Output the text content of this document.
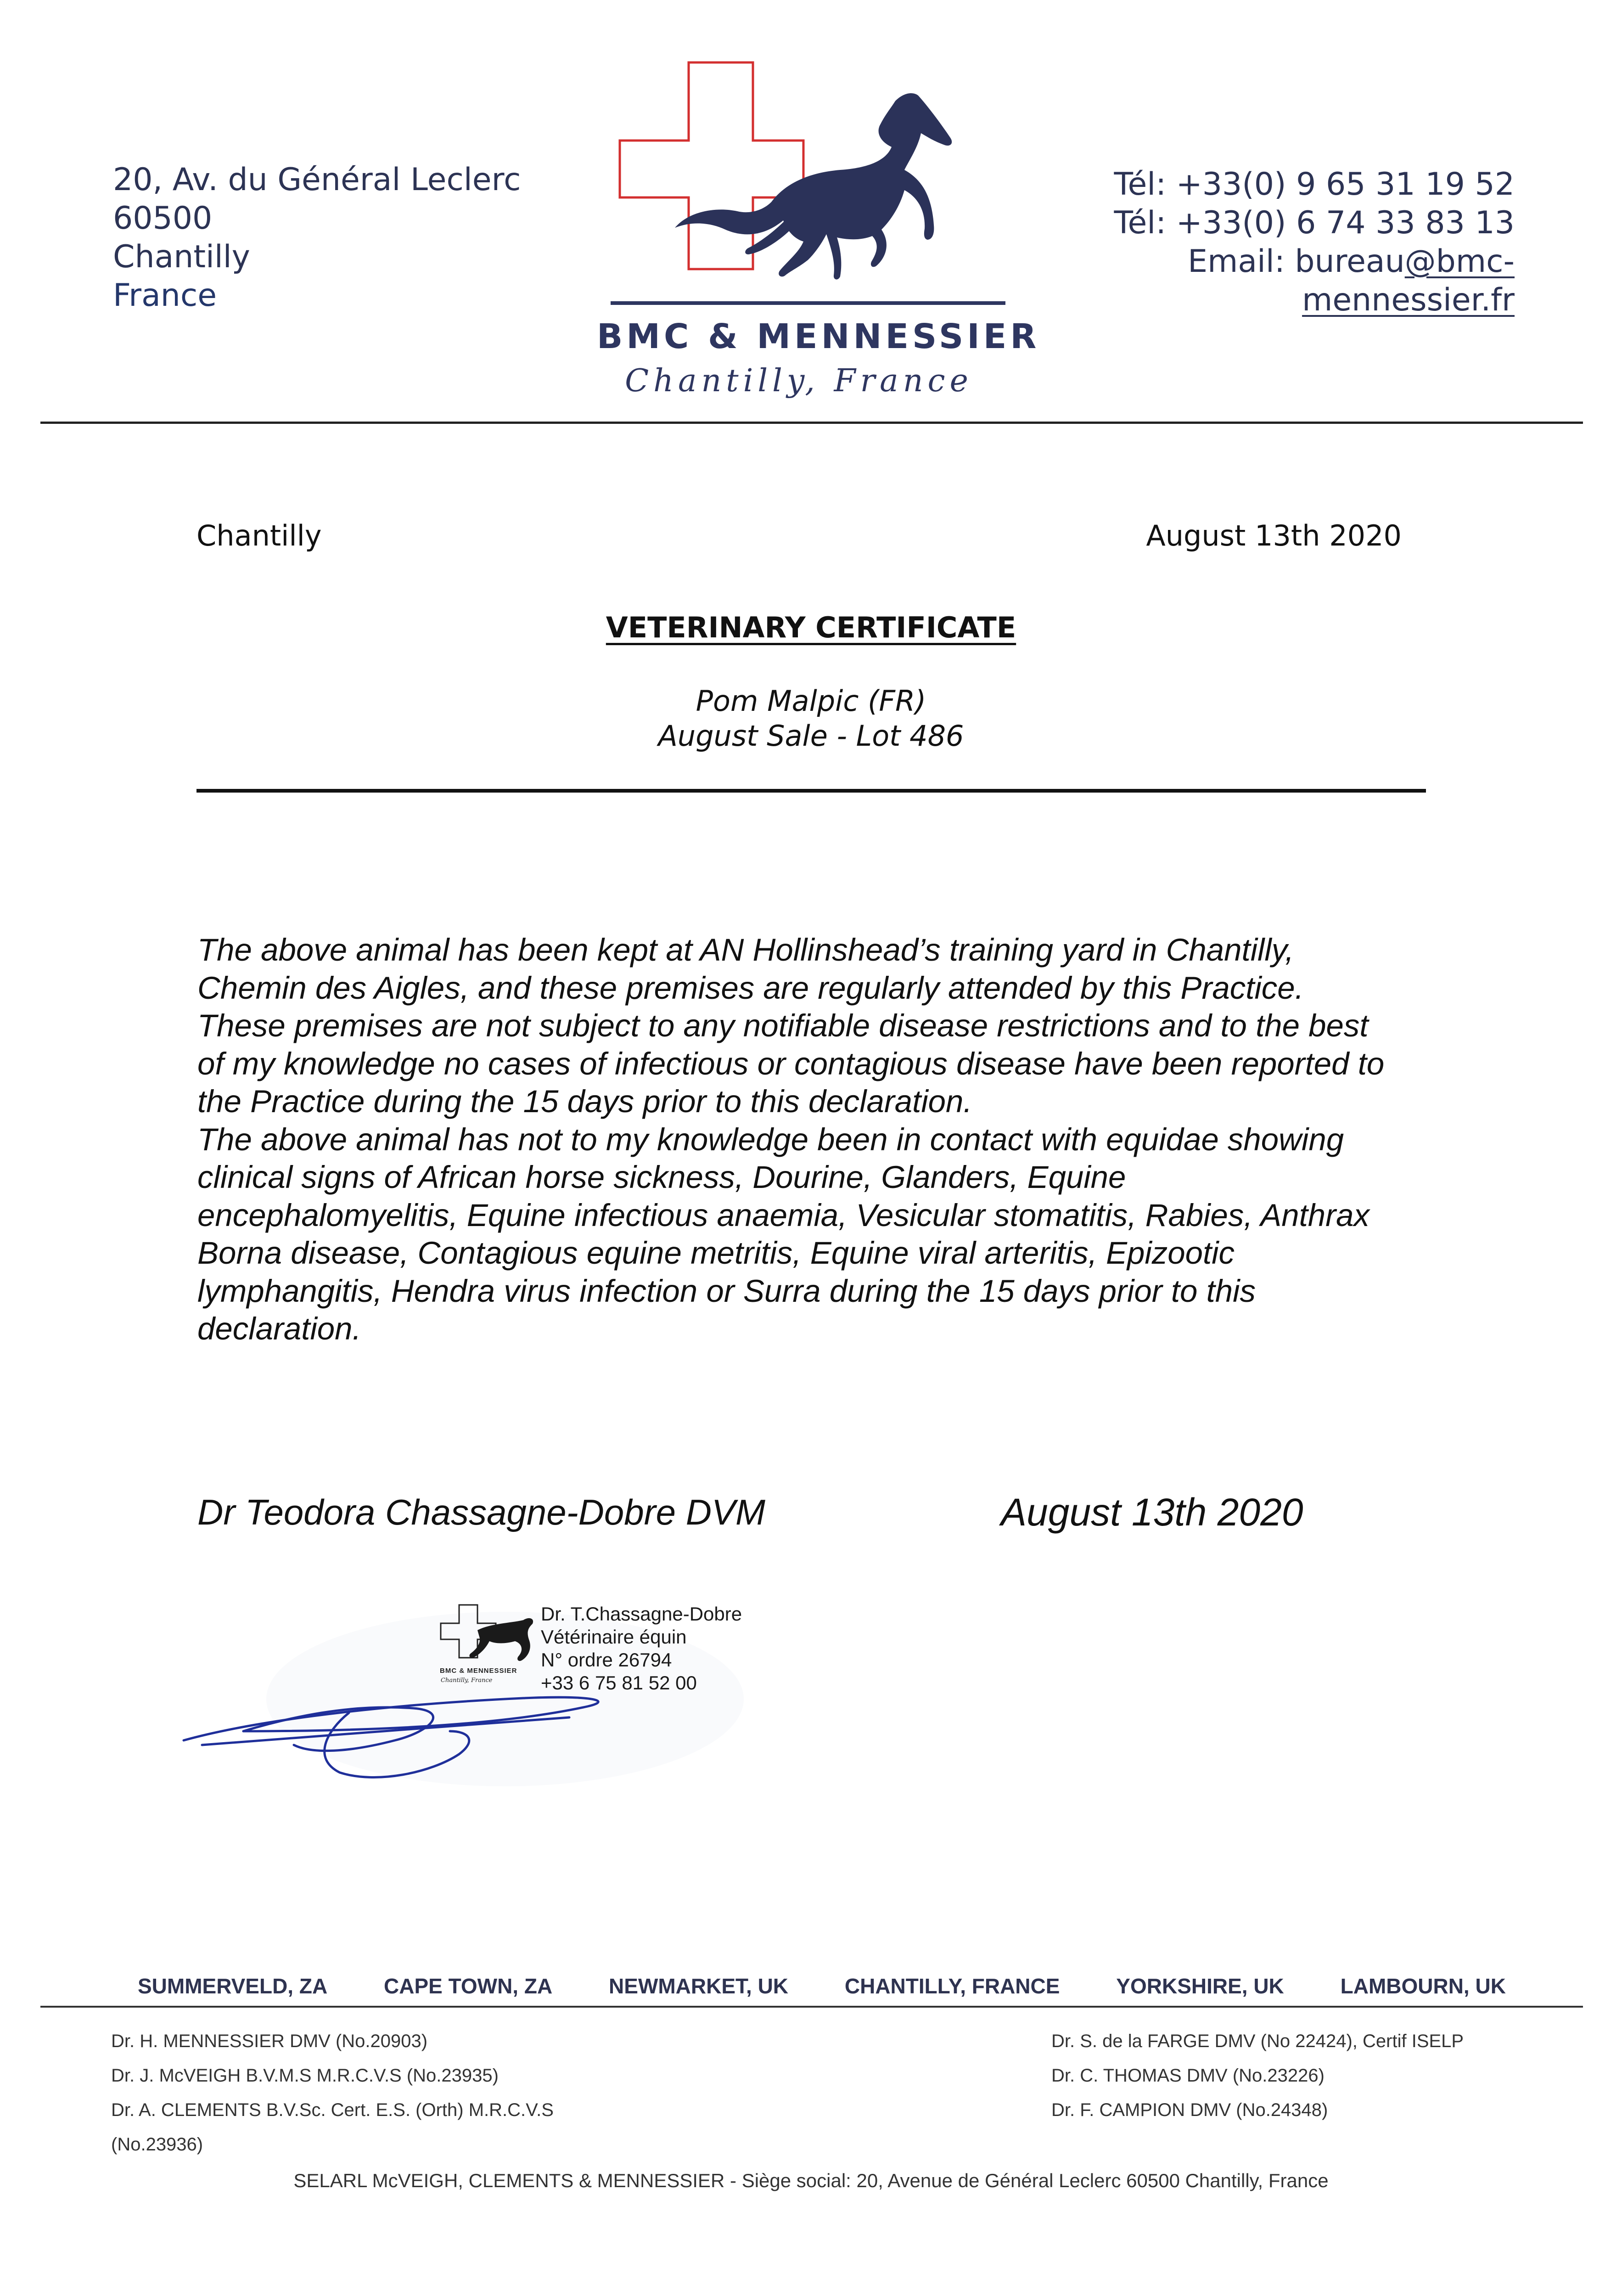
20, Av. du Général Leclerc
60500
Chantilly
France
BMC & MENNESSIER
Chantilly, France
Tél: +33(0) 9 65 31 19 52
Tél: +33(0) 6 74 33 83 13
Email: bureau@bmc-
mennessier.fr
Chantilly	August 13th 2020
VETERINARY CERTIFICATE
Pom Malpic (FR)
August Sale - Lot 486

The above animal has been kept at AN Hollinshead’s training yard in Chantilly,

Chemin des Aigles, and these premises are regularly attended by this Practice.

These premises are not subject to any notifiable disease restrictions and to the best

of my knowledge no cases of infectious or contagious disease have been reported to

the Practice during the 15 days prior to this declaration.

The above animal has not to my knowledge been in contact with equidae showing

clinical signs of African horse sickness, Dourine, Glanders, Equine

encephalomyelitis, Equine infectious anaemia, Vesicular stomatitis, Rabies, Anthrax

Borna disease, Contagious equine metritis, Equine viral arteritis, Epizootic

lymphangitis, Hendra virus infection or Surra during the 15 days prior to this

declaration.

Dr Teodora Chassagne-Dobre DVM	August 13th 2020
Dr. T.Chassagne-Dobre
Vétérinaire équin
N° ordre 26794
+33 6 75 81 52 00
BMC & MENNESSIER
Chantilly, France
SUMMERVELD, ZA	CAPE TOWN, ZA	NEWMARKET, UK	CHANTILLY, FRANCE	YORKSHIRE, UK	LAMBOURN, UK
Dr. H. MENNESSIER DMV (No.20903)
Dr. J. McVEIGH B.V.M.S M.R.C.V.S (No.23935)
Dr. A. CLEMENTS B.V.Sc. Cert. E.S. (Orth) M.R.C.V.S
(No.23936)
Dr. S. de la FARGE DMV (No 22424), Certif ISELP
Dr. C. THOMAS DMV (No.23226)
Dr. F. CAMPION DMV (No.24348)
SELARL McVEIGH, CLEMENTS & MENNESSIER - Siège social: 20, Avenue de Général Leclerc 60500 Chantilly, France
